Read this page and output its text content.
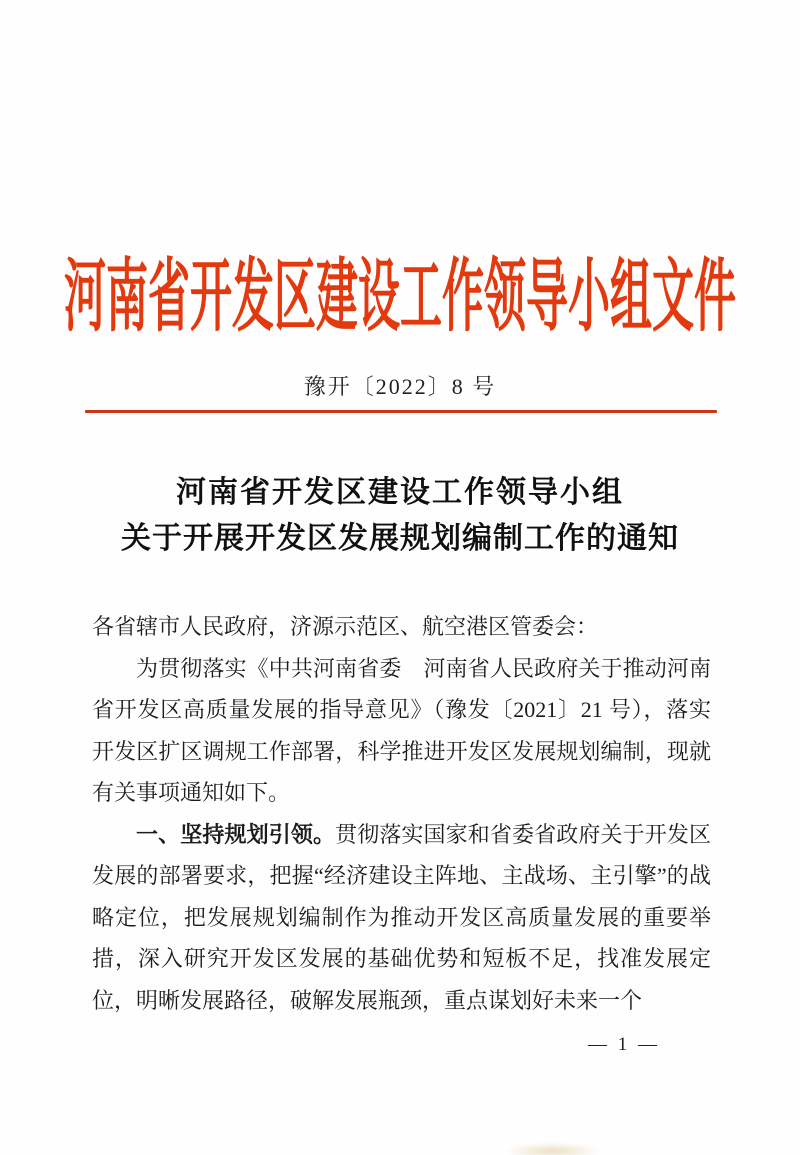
河南省开发区建设工作领导小组文件
豫开〔2022〕8 号
河南省开发区建设工作领导小组
关于开展开发区发展规划编制工作的通知

各省辖市人民政府，济源示范区、航空港区管委会：

为贯彻落实《中共河南省委　河南省人民政府关于推动河南省开发区高质量发展的指导意见》（豫发〔2021〕21 号），落实开发区扩区调规工作部署，科学推进开发区发展规划编制，现就有关事项通知如下。

一、坚持规划引领。贯彻落实国家和省委省政府关于开发区发展的部署要求，把握“经济建设主阵地、主战场、主引擎”的战略定位，把发展规划编制作为推动开发区高质量发展的重要举措，深入研究开发区发展的基础优势和短板不足，找准发展定位，明晰发展路径，破解发展瓶颈，重点谋划好未来一个

— 1 —
